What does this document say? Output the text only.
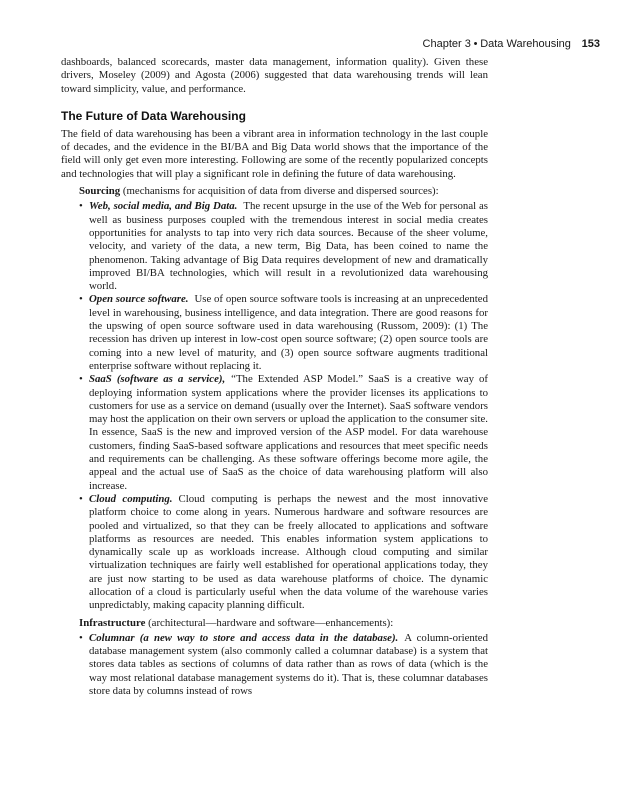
Chapter 3 • Data Warehousing 153

dashboards, balanced scorecards, master data management, information quality). Given these drivers, Moseley (2009) and Agosta (2006) suggested that data warehousing trends will lean toward simplicity, value, and performance.

The Future of Data Warehousing

The field of data warehousing has been a vibrant area in information technology in the last couple of decades, and the evidence in the BI/BA and Big Data world shows that the importance of the field will only get even more interesting. Following are some of the recently popularized concepts and technologies that will play a significant role in defining the future of data warehousing.

Sourcing (mechanisms for acquisition of data from diverse and dispersed sources):
• Web, social media, and Big Data. The recent upsurge in the use of the Web for personal as well as business purposes coupled with the tremendous interest in social media creates opportunities for analysts to tap into very rich data sources. Because of the sheer volume, velocity, and variety of the data, a new term, Big Data, has been coined to name the phenomenon. Taking advantage of Big Data requires development of new and dramatically improved BI/BA technologies, which will result in a revolutionized data warehousing world.
• Open source software. Use of open source software tools is increasing at an unprecedented level in warehousing, business intelligence, and data integration. There are good reasons for the upswing of open source software used in data warehousing (Russom, 2009): (1) The recession has driven up interest in low-cost open source software; (2) open source tools are coming into a new level of maturity, and (3) open source software augments traditional enterprise software without replacing it.
• SaaS (software as a service), “The Extended ASP Model.” SaaS is a creative way of deploying information system applications where the provider licenses its applications to customers for use as a service on demand (usually over the Internet). SaaS software vendors may host the application on their own servers or upload the application to the consumer site. In essence, SaaS is the new and improved version of the ASP model. For data warehouse customers, finding SaaS-based software applications and resources that meet specific needs and requirements can be challenging. As these software offerings become more agile, the appeal and the actual use of SaaS as the choice of data warehousing platform will also increase.
• Cloud computing. Cloud computing is perhaps the newest and the most innovative platform choice to come along in years. Numerous hardware and software resources are pooled and virtualized, so that they can be freely allocated to applications and software platforms as resources are needed. This enables information system applications to dynamically scale up as workloads increase. Although cloud computing and similar virtualization techniques are fairly well established for operational applications today, they are just now starting to be used as data warehouse platforms of choice. The dynamic allocation of a cloud is particularly useful when the data volume of the warehouse varies unpredictably, making capacity planning difficult.
Infrastructure (architectural—hardware and software—enhancements):
• Columnar (a new way to store and access data in the database). A column-oriented database management system (also commonly called a columnar database) is a system that stores data tables as sections of columns of data rather than as rows of data (which is the way most relational database management systems do it). That is, these columnar databases store data by columns instead of rows
